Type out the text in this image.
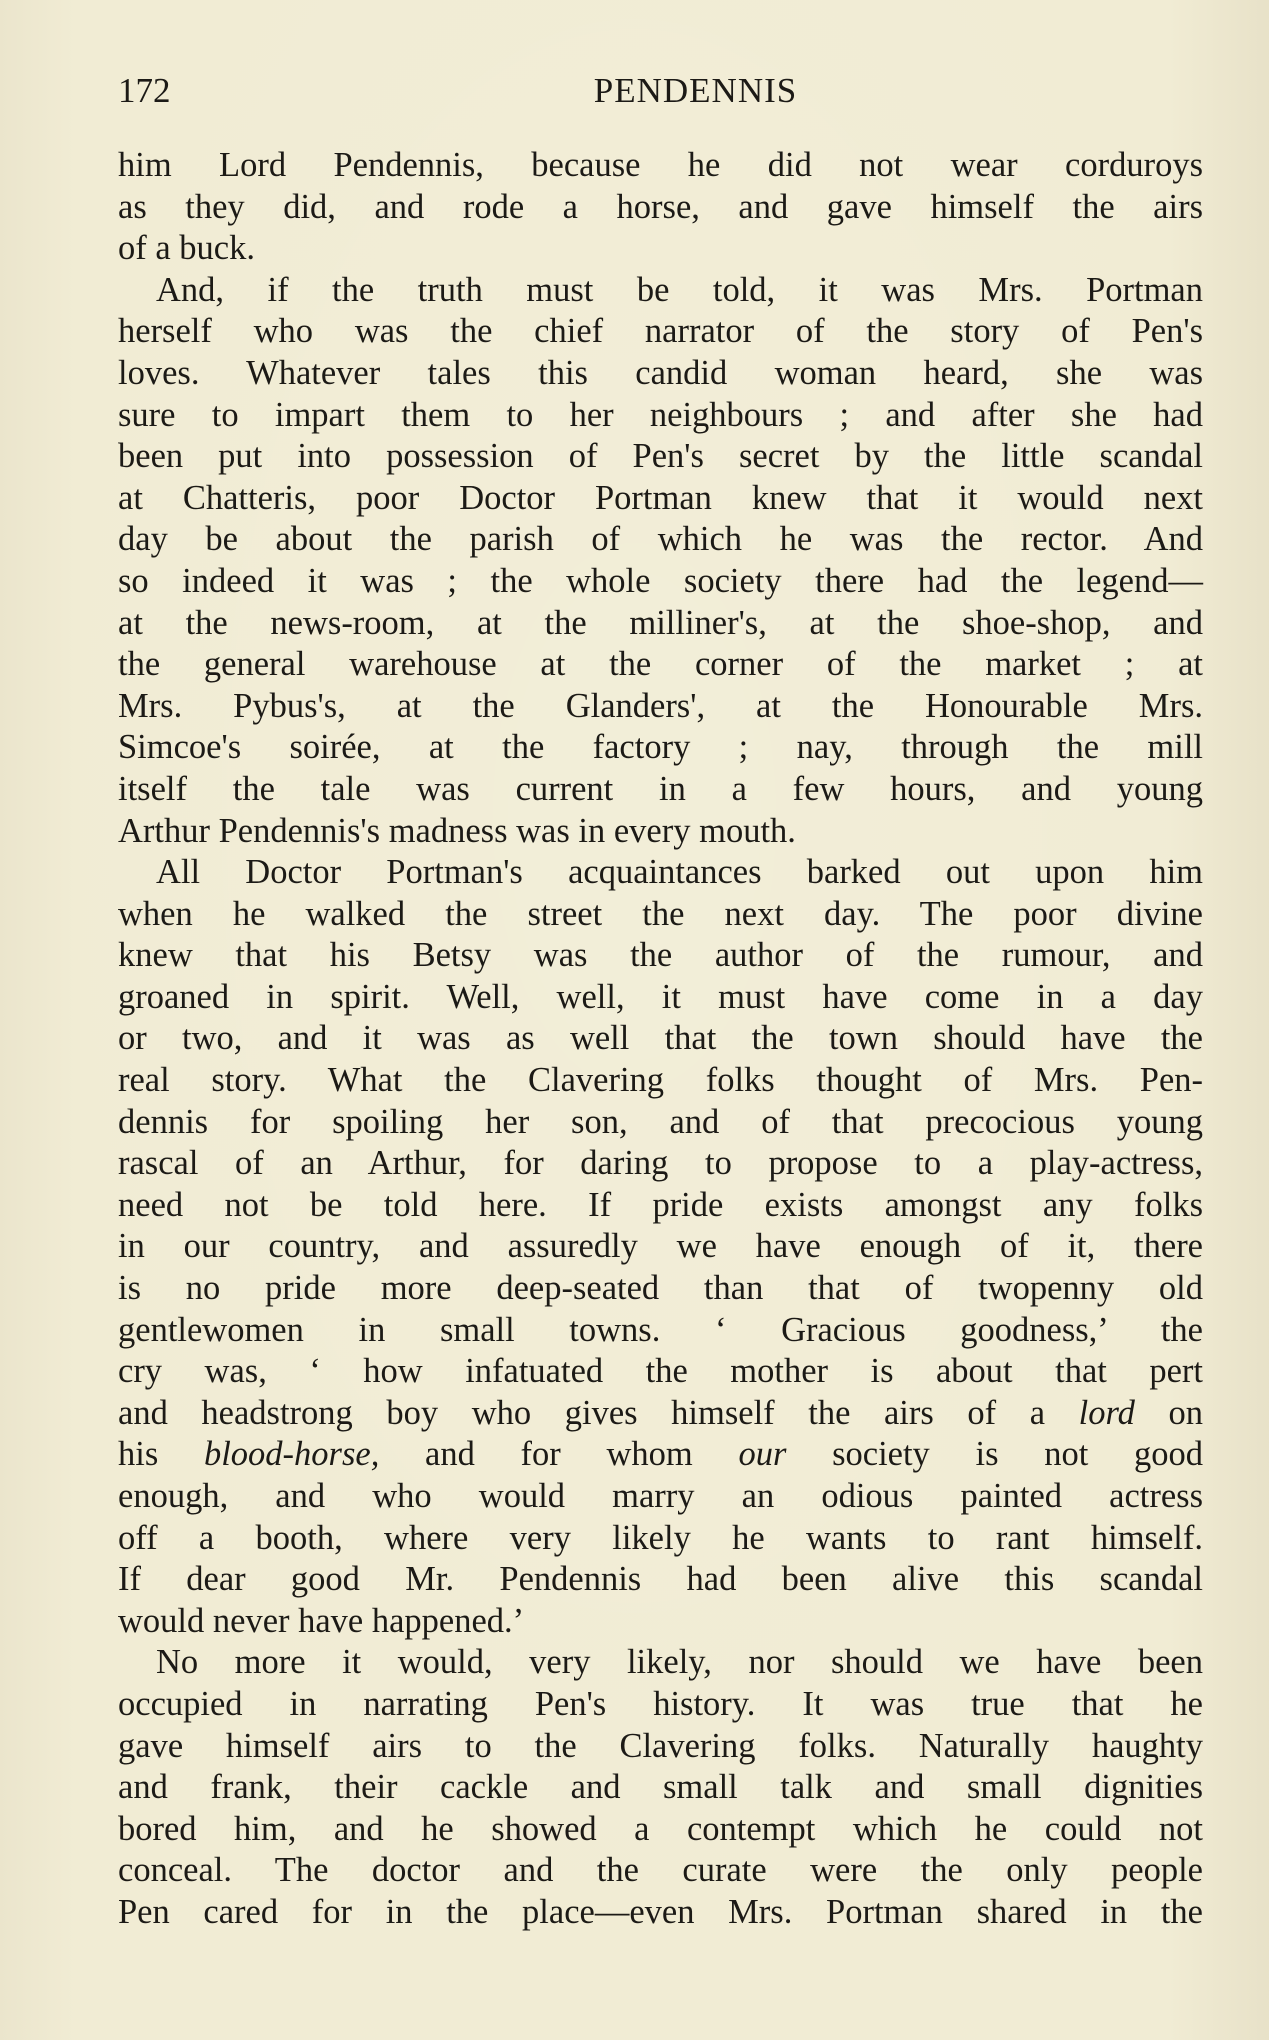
172	PENDENNIS
him Lord Pendennis, because he did not wear corduroys
as they did, and rode a horse, and gave himself the airs
of a buck.
And, if the truth must be told, it was Mrs. Portman
herself who was the chief narrator of the story of Pen's
loves. Whatever tales this candid woman heard, she was
sure to impart them to her neighbours ; and after she had
been put into possession of Pen's secret by the little scandal
at Chatteris, poor Doctor Portman knew that it would next
day be about the parish of which he was the rector. And
so indeed it was ; the whole society there had the legend—
at the news-room, at the milliner's, at the shoe-shop, and
the general warehouse at the corner of the market ; at
Mrs. Pybus's, at the Glanders', at the Honourable Mrs.
Simcoe's soirée, at the factory ; nay, through the mill
itself the tale was current in a few hours, and young
Arthur Pendennis's madness was in every mouth.
All Doctor Portman's acquaintances barked out upon him
when he walked the street the next day. The poor divine
knew that his Betsy was the author of the rumour, and
groaned in spirit. Well, well, it must have come in a day
or two, and it was as well that the town should have the
real story. What the Clavering folks thought of Mrs. Pen-
dennis for spoiling her son, and of that precocious young
rascal of an Arthur, for daring to propose to a play-actress,
need not be told here. If pride exists amongst any folks
in our country, and assuredly we have enough of it, there
is no pride more deep-seated than that of twopenny old
gentlewomen in small towns. ‘ Gracious goodness,’ the
cry was, ‘ how infatuated the mother is about that pert
and headstrong boy who gives himself the airs of a lord on
his blood-horse, and for whom our society is not good
enough, and who would marry an odious painted actress
off a booth, where very likely he wants to rant himself.
If dear good Mr. Pendennis had been alive this scandal
would never have happened.’
No more it would, very likely, nor should we have been
occupied in narrating Pen's history. It was true that he
gave himself airs to the Clavering folks. Naturally haughty
and frank, their cackle and small talk and small dignities
bored him, and he showed a contempt which he could not
conceal. The doctor and the curate were the only people
Pen cared for in the place—even Mrs. Portman shared in the
